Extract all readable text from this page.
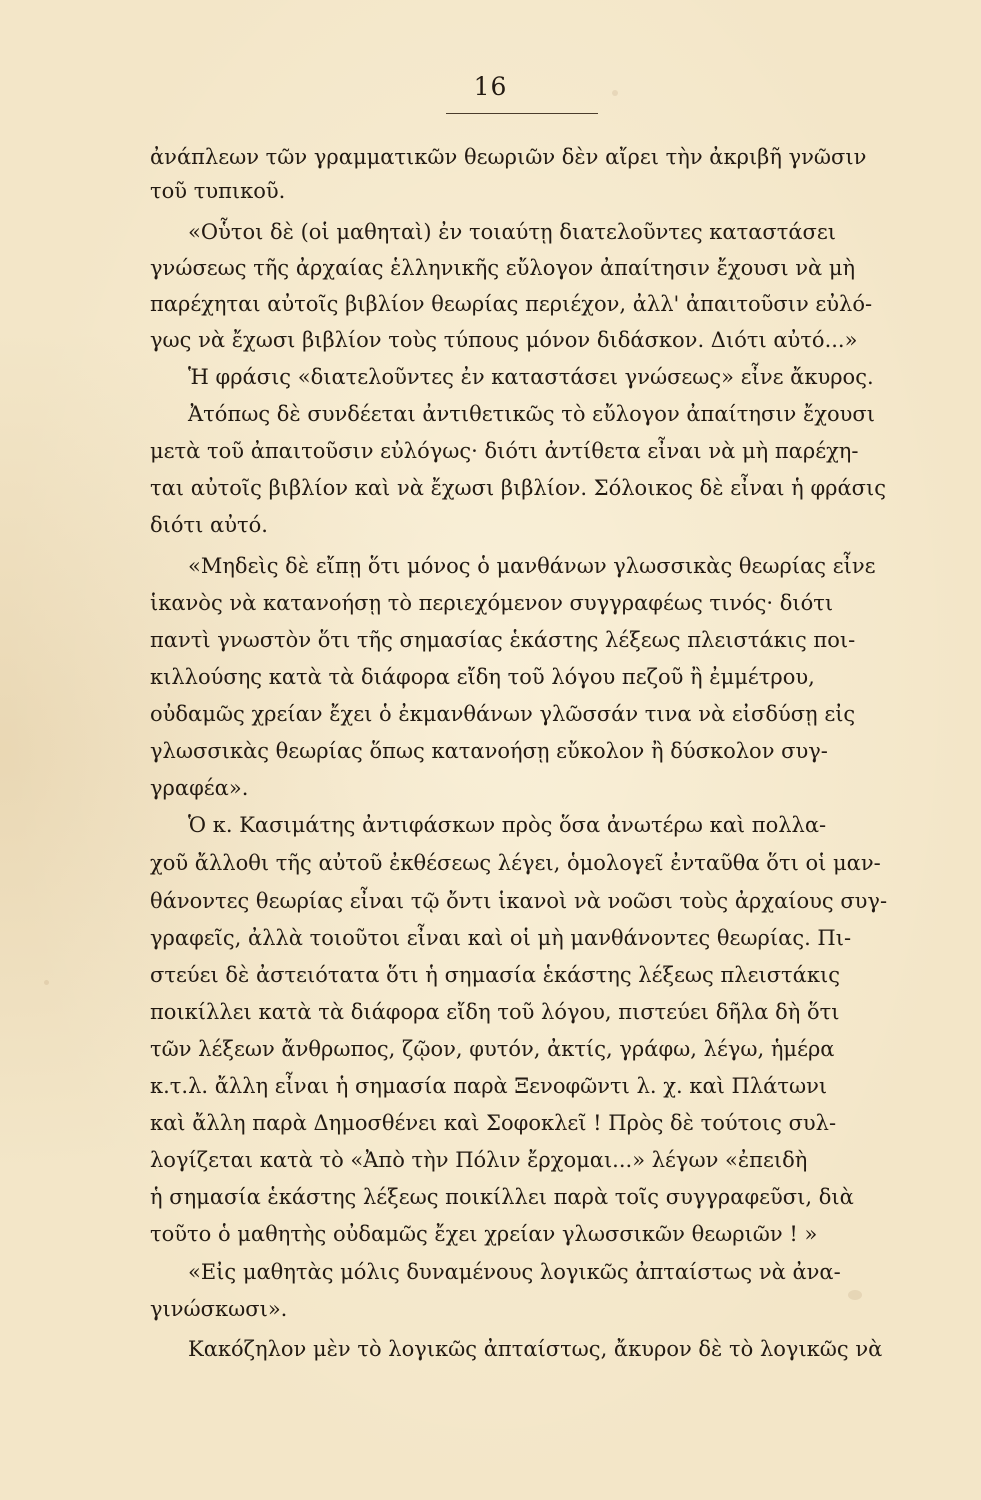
16
ἀνάπλεων τῶν γραμματικῶν θεωριῶν δὲν αἴρει τὴν ἀκριβῆ γνῶσιν
τοῦ τυπικοῦ.
«Οὗτοι δὲ (οἱ μαθηταὶ) ἐν τοιαύτῃ διατελοῦντες καταστάσει
γνώσεως τῆς ἀρχαίας ἑλληνικῆς εὔλογον ἀπαίτησιν ἔχουσι νὰ μὴ
παρέχηται αὐτοῖς βιβλίον θεωρίας περιέχον, ἀλλ' ἀπαιτοῦσιν εὐλό-
γως νὰ ἔχωσι βιβλίον τοὺς τύπους μόνον διδάσκον. Διότι αὐτό...»
Ἡ φράσις «διατελοῦντες ἐν καταστάσει γνώσεως» εἶνε ἄκυρος.
Ἀτόπως δὲ συνδέεται ἀντιθετικῶς τὸ εὔλογον ἀπαίτησιν ἔχουσι
μετὰ τοῦ ἀπαιτοῦσιν εὐλόγως· διότι ἀντίθετα εἶναι νὰ μὴ παρέχη-
ται αὐτοῖς βιβλίον καὶ νὰ ἔχωσι βιβλίον. Σόλοικος δὲ εἶναι ἡ φράσις
διότι αὐτό.
«Μηδεὶς δὲ εἴπῃ ὅτι μόνος ὁ μανθάνων γλωσσικὰς θεωρίας εἶνε
ἱκανὸς νὰ κατανοήσῃ τὸ περιεχόμενον συγγραφέως τινός· διότι
παντὶ γνωστὸν ὅτι τῆς σημασίας ἑκάστης λέξεως πλειστάκις ποι-
κιλλούσης κατὰ τὰ διάφορα εἴδη τοῦ λόγου πεζοῦ ἢ ἐμμέτρου,
οὐδαμῶς χρείαν ἔχει ὁ ἐκμανθάνων γλῶσσάν τινα νὰ εἰσδύσῃ εἰς
γλωσσικὰς θεωρίας ὅπως κατανοήσῃ εὔκολον ἢ δύσκολον συγ-
γραφέα».
Ὁ κ. Κασιμάτης ἀντιφάσκων πρὸς ὅσα ἀνωτέρω καὶ πολλα-
χοῦ ἄλλοθι τῆς αὐτοῦ ἐκθέσεως λέγει, ὁμολογεῖ ἐνταῦθα ὅτι οἱ μαν-
θάνοντες θεωρίας εἶναι τῷ ὄντι ἱκανοὶ νὰ νοῶσι τοὺς ἀρχαίους συγ-
γραφεῖς, ἀλλὰ τοιοῦτοι εἶναι καὶ οἱ μὴ μανθάνοντες θεωρίας. Πι-
στεύει δὲ ἀστειότατα ὅτι ἡ σημασία ἑκάστης λέξεως πλειστάκις
ποικίλλει κατὰ τὰ διάφορα εἴδη τοῦ λόγου, πιστεύει δῆλα δὴ ὅτι
τῶν λέξεων ἄνθρωπος, ζῷον, φυτόν, ἀκτίς, γράφω, λέγω, ἡμέρα
κ.τ.λ. ἄλλη εἶναι ἡ σημασία παρὰ Ξενοφῶντι λ. χ. καὶ Πλάτωνι
καὶ ἄλλη παρὰ Δημοσθένει καὶ Σοφοκλεῖ ! Πρὸς δὲ τούτοις συλ-
λογίζεται κατὰ τὸ «Ἀπὸ τὴν Πόλιν ἔρχομαι...» λέγων «ἐπειδὴ
ἡ σημασία ἑκάστης λέξεως ποικίλλει παρὰ τοῖς συγγραφεῦσι, διὰ
τοῦτο ὁ μαθητὴς οὐδαμῶς ἔχει χρείαν γλωσσικῶν θεωριῶν ! »
«Εἰς μαθητὰς μόλις δυναμένους λογικῶς ἀπταίστως νὰ ἀνα-
γινώσκωσι».
Κακόζηλον μὲν τὸ λογικῶς ἀπταίστως, ἄκυρον δὲ τὸ λογικῶς νὰ
